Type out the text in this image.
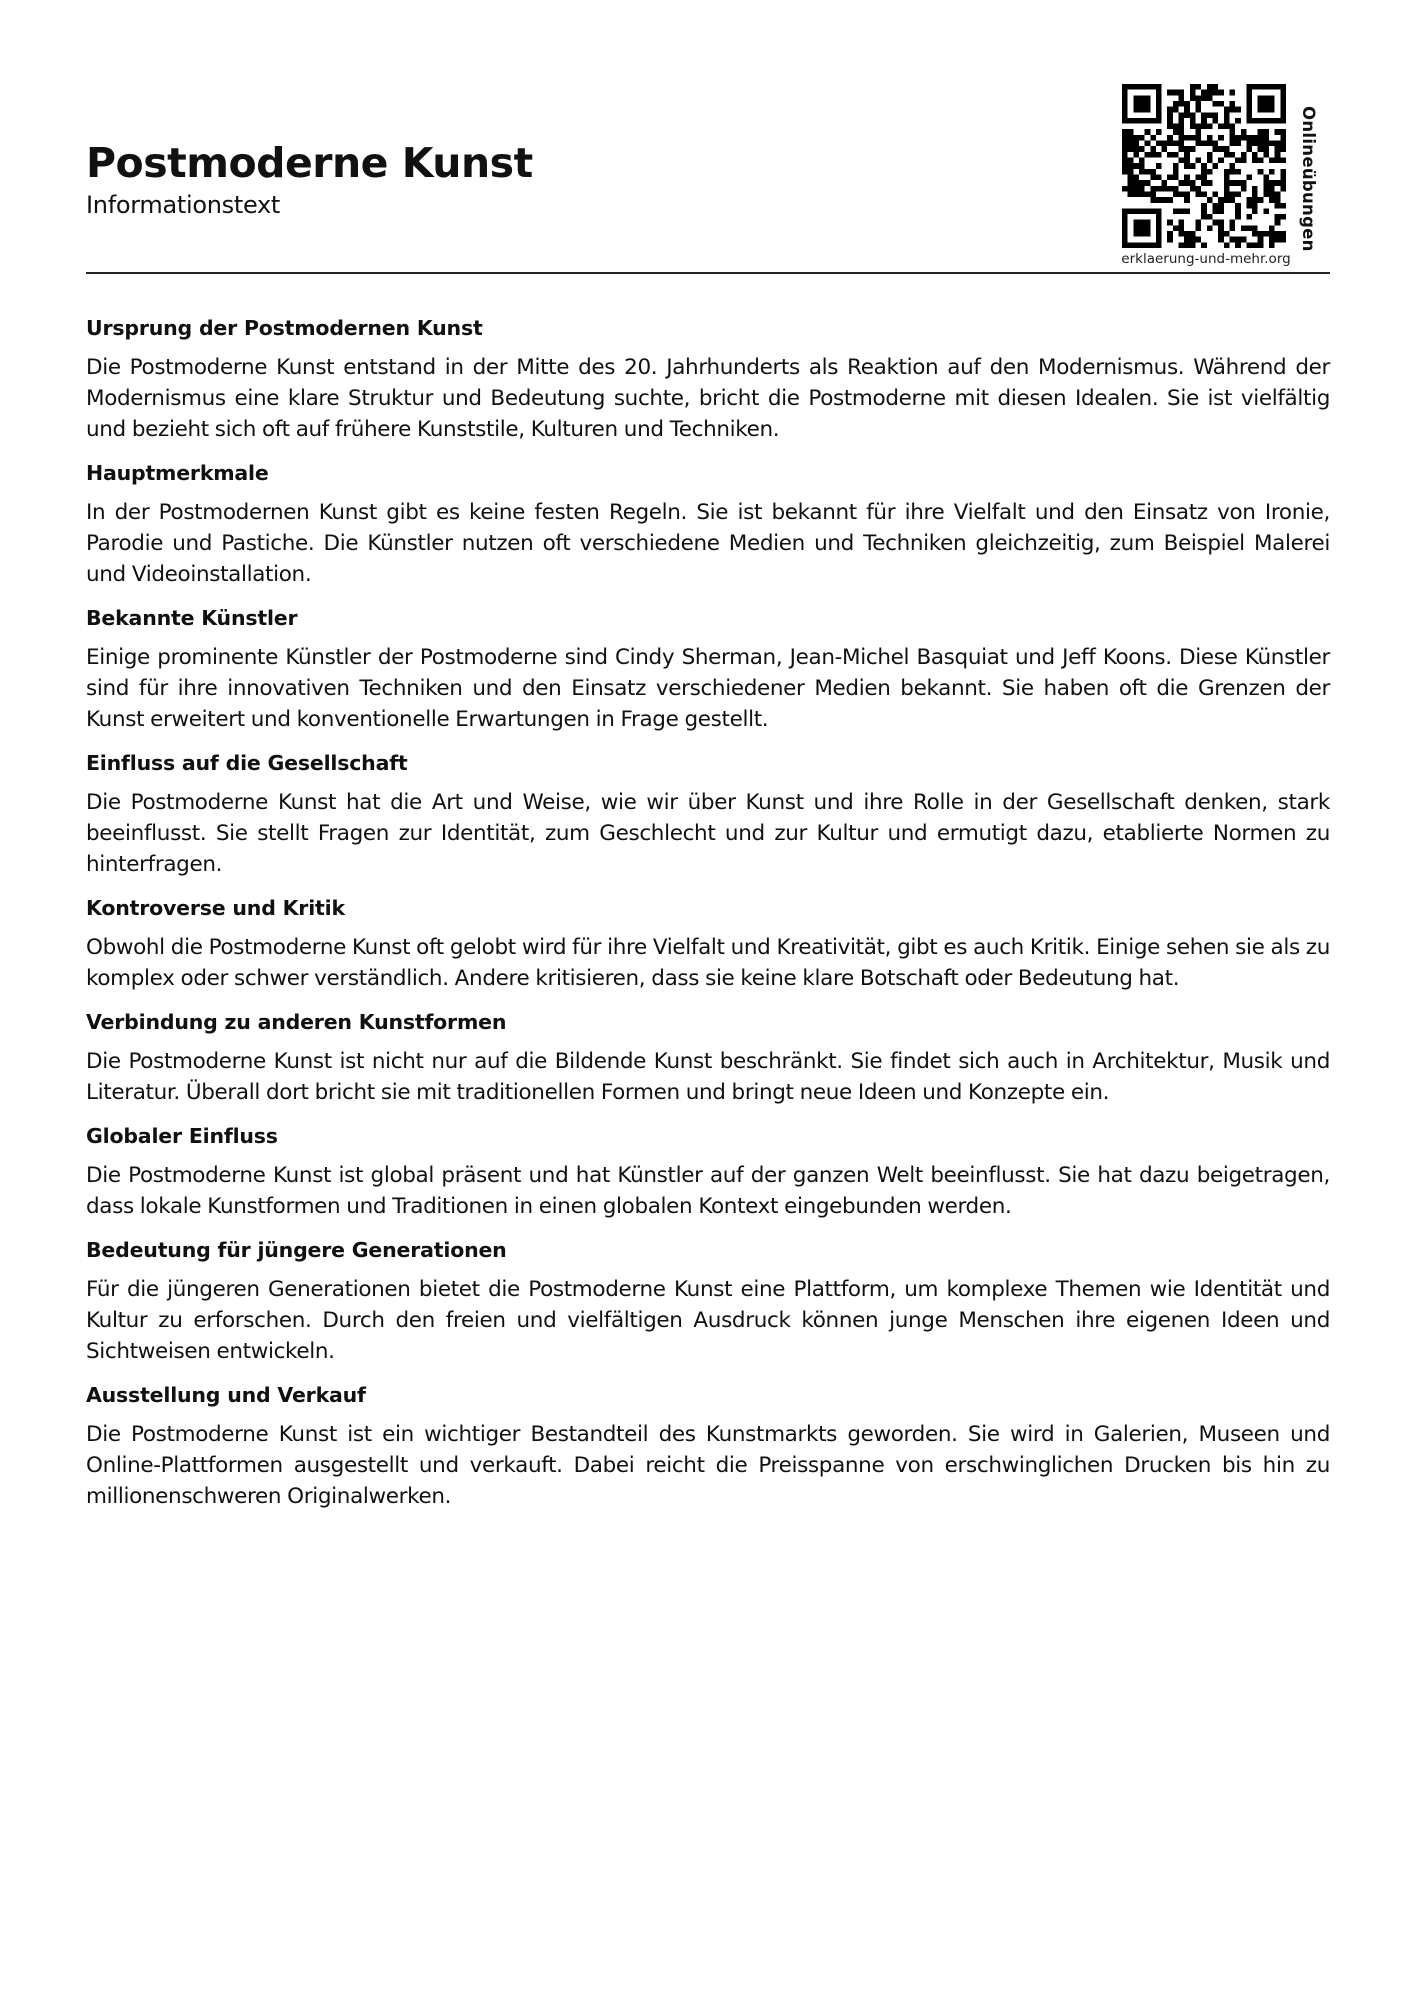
Postmoderne Kunst
Informationstext
erklaerung-und-mehr.org
Onlineübungen
Ursprung der Postmodernen Kunst

Die Postmoderne Kunst entstand in der Mitte des 20. Jahrhunderts als Reaktion auf den Modernismus. Während der Modernismus eine klare Struktur und Bedeutung suchte, bricht die Postmoderne mit diesen Idealen. Sie ist vielfältig und bezieht sich oft auf frühere Kunststile, Kulturen und Techniken.

Hauptmerkmale

In der Postmodernen Kunst gibt es keine festen Regeln. Sie ist bekannt für ihre Vielfalt und den Einsatz von Ironie, Parodie und Pastiche. Die Künstler nutzen oft verschiedene Medien und Techniken gleichzeitig, zum Beispiel Malerei und Videoinstallation.

Bekannte Künstler

Einige prominente Künstler der Postmoderne sind Cindy Sherman, Jean-Michel Basquiat und Jeff Koons. Diese Künstler sind für ihre innovativen Techniken und den Einsatz verschiedener Medien bekannt. Sie haben oft die Grenzen der Kunst erweitert und konventionelle Erwartungen in Frage gestellt.

Einfluss auf die Gesellschaft

Die Postmoderne Kunst hat die Art und Weise, wie wir über Kunst und ihre Rolle in der Gesellschaft denken, stark beeinflusst. Sie stellt Fragen zur Identität, zum Geschlecht und zur Kultur und ermutigt dazu, etablierte Normen zu hinterfragen.

Kontroverse und Kritik

Obwohl die Postmoderne Kunst oft gelobt wird für ihre Vielfalt und Kreativität, gibt es auch Kritik. Einige sehen sie als zu komplex oder schwer verständlich. Andere kritisieren, dass sie keine klare Botschaft oder Bedeutung hat.

Verbindung zu anderen Kunstformen

Die Postmoderne Kunst ist nicht nur auf die Bildende Kunst beschränkt. Sie findet sich auch in Architektur, Musik und Literatur. Überall dort bricht sie mit traditionellen Formen und bringt neue Ideen und Konzepte ein.

Globaler Einfluss

Die Postmoderne Kunst ist global präsent und hat Künstler auf der ganzen Welt beeinflusst. Sie hat dazu beigetragen, dass lokale Kunstformen und Traditionen in einen globalen Kontext eingebunden werden.

Bedeutung für jüngere Generationen

Für die jüngeren Generationen bietet die Postmoderne Kunst eine Plattform, um komplexe Themen wie Identität und Kultur zu erforschen. Durch den freien und vielfältigen Ausdruck können junge Menschen ihre eigenen Ideen und Sichtweisen entwickeln.

Ausstellung und Verkauf

Die Postmoderne Kunst ist ein wichtiger Bestandteil des Kunstmarkts geworden. Sie wird in Galerien, Museen und Online-Plattformen ausgestellt und verkauft. Dabei reicht die Preisspanne von erschwinglichen Drucken bis hin zu millionenschweren Originalwerken.
